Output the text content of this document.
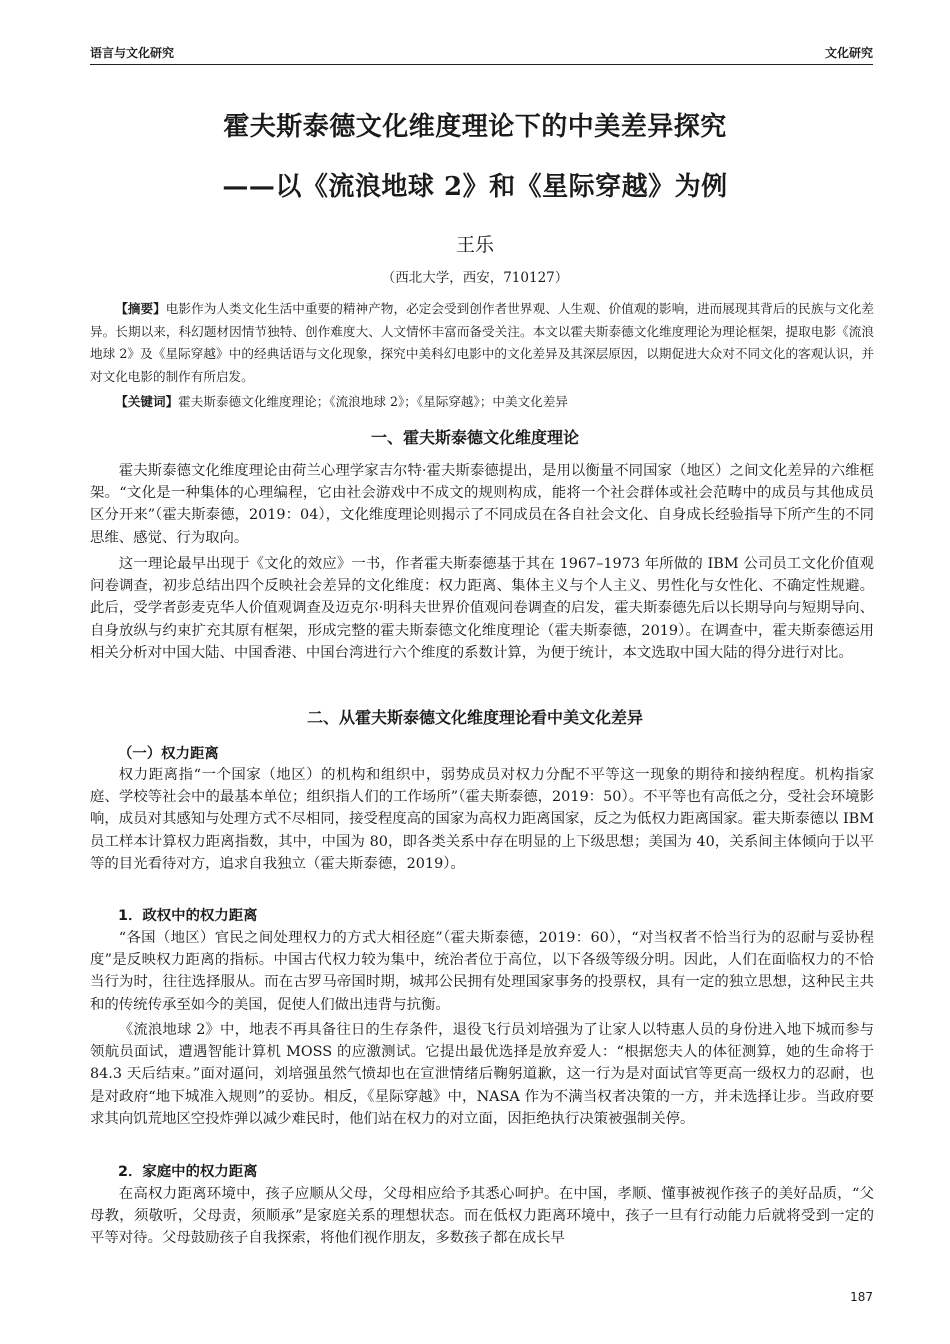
语言与文化研究	文化研究
霍夫斯泰德文化维度理论下的中美差异探究
——以《流浪地球 2》和《星际穿越》为例
王乐
（西北大学，西安，710127）
【摘要】电影作为人类文化生活中重要的精神产物，必定会受到创作者世界观、人生观、价值观的影响，进而展现其背后的民族与文化差异。长期以来，科幻题材因情节独特、创作难度大、人文情怀丰富而备受关注。本文以霍夫斯泰德文化维度理论为理论框架，提取电影《流浪地球 2》及《星际穿越》中的经典话语与文化现象，探究中美科幻电影中的文化差异及其深层原因，以期促进大众对不同文化的客观认识，并对文化电影的制作有所启发。
【关键词】霍夫斯泰德文化维度理论；《流浪地球 2》；《星际穿越》；中美文化差异
一、霍夫斯泰德文化维度理论

霍夫斯泰德文化维度理论由荷兰心理学家吉尔特·霍夫斯泰德提出，是用以衡量不同国家（地区）之间文化差异的六维框架。“文化是一种集体的心理编程，它由社会游戏中不成文的规则构成，能将一个社会群体或社会范畴中的成员与其他成员区分开来”（霍夫斯泰德，2019：04），文化维度理论则揭示了不同成员在各自社会文化、自身成长经验指导下所产生的不同思维、感觉、行为取向。

这一理论最早出现于《文化的效应》一书，作者霍夫斯泰德基于其在 1967–1973 年所做的 IBM 公司员工文化价值观问卷调查，初步总结出四个反映社会差异的文化维度：权力距离、集体主义与个人主义、男性化与女性化、不确定性规避。此后，受学者彭麦克华人价值观调查及迈克尔·明科夫世界价值观问卷调查的启发，霍夫斯泰德先后以长期导向与短期导向、自身放纵与约束扩充其原有框架，形成完整的霍夫斯泰德文化维度理论（霍夫斯泰德，2019）。在调查中，霍夫斯泰德运用相关分析对中国大陆、中国香港、中国台湾进行六个维度的系数计算，为便于统计，本文选取中国大陆的得分进行对比。

二、从霍夫斯泰德文化维度理论看中美文化差异
（一）权力距离

权力距离指“一个国家（地区）的机构和组织中，弱势成员对权力分配不平等这一现象的期待和接纳程度。机构指家庭、学校等社会中的最基本单位；组织指人们的工作场所”（霍夫斯泰德，2019：50）。不平等也有高低之分，受社会环境影响，成员对其感知与处理方式不尽相同，接受程度高的国家为高权力距离国家，反之为低权力距离国家。霍夫斯泰德以 IBM 员工样本计算权力距离指数，其中，中国为 80，即各类关系中存在明显的上下级思想；美国为 40，关系间主体倾向于以平等的目光看待对方，追求自我独立（霍夫斯泰德，2019）。

1．政权中的权力距离

“各国（地区）官民之间处理权力的方式大相径庭”（霍夫斯泰德，2019：60），“对当权者不恰当行为的忍耐与妥协程度”是反映权力距离的指标。中国古代权力较为集中，统治者位于高位，以下各级等级分明。因此，人们在面临权力的不恰当行为时，往往选择服从。而在古罗马帝国时期，城邦公民拥有处理国家事务的投票权，具有一定的独立思想，这种民主共和的传统传承至如今的美国，促使人们做出违背与抗衡。

《流浪地球 2》中，地表不再具备往日的生存条件，退役飞行员刘培强为了让家人以特惠人员的身份进入地下城而参与领航员面试，遭遇智能计算机 MOSS 的应激测试。它提出最优选择是放弃爱人：“根据您夫人的体征测算，她的生命将于 84.3 天后结束。”面对逼问，刘培强虽然气愤却也在宣泄情绪后鞠躬道歉，这一行为是对面试官等更高一级权力的忍耐，也是对政府“地下城准入规则”的妥协。相反，《星际穿越》中，NASA 作为不满当权者决策的一方，并未选择让步。当政府要求其向饥荒地区空投炸弹以减少难民时，他们站在权力的对立面，因拒绝执行决策被强制关停。

2．家庭中的权力距离

在高权力距离环境中，孩子应顺从父母，父母相应给予其悉心呵护。在中国，孝顺、懂事被视作孩子的美好品质，“父母教，须敬听，父母责，须顺承”是家庭关系的理想状态。而在低权力距离环境中，孩子一旦有行动能力后就将受到一定的平等对待。父母鼓励孩子自我探索，将他们视作朋友，多数孩子都在成长早

187
